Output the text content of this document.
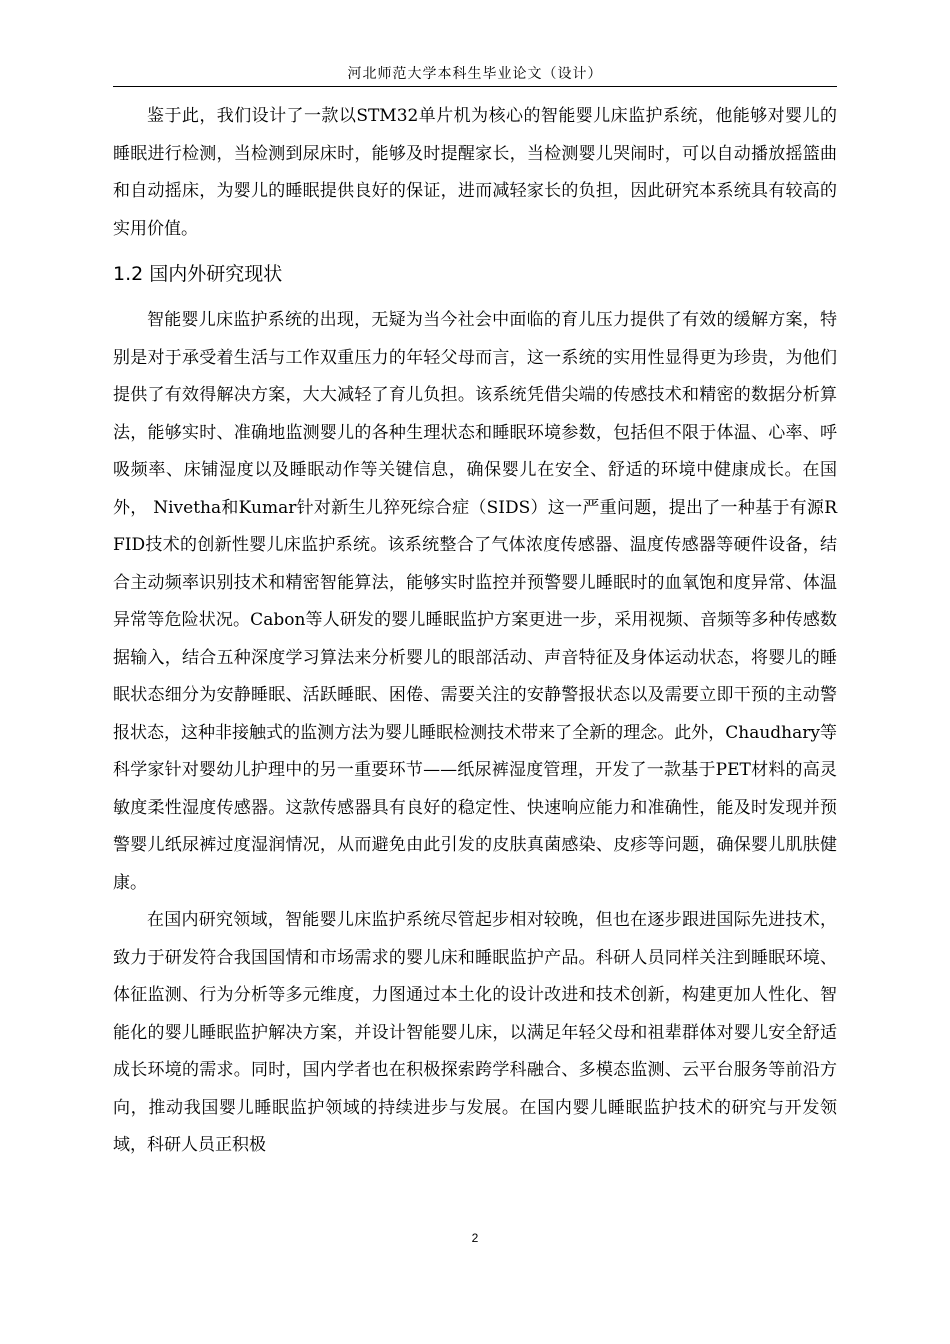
河北师范大学本科生毕业论文（设计）

鉴于此，我们设计了一款以STM32单片机为核心的智能婴儿床监护系统，他能够对婴儿的睡眠进行检测，当检测到尿床时，能够及时提醒家长，当检测婴儿哭闹时，可以自动播放摇篮曲和自动摇床，为婴儿的睡眠提供良好的保证，进而减轻家长的负担，因此研究本系统具有较高的实用价值。

1.2 国内外研究现状

智能婴儿床监护系统的出现，无疑为当今社会中面临的育儿压力提供了有效的缓解方案，特别是对于承受着生活与工作双重压力的年轻父母而言，这一系统的实用性显得更为珍贵，为他们提供了有效得解决方案，大大减轻了育儿负担。该系统凭借尖端的传感技术和精密的数据分析算法，能够实时、准确地监测婴儿的各种生理状态和睡眠环境参数，包括但不限于体温、心率、呼吸频率、床铺湿度以及睡眠动作等关键信息，确保婴儿在安全、舒适的环境中健康成长。在国外， Nivetha和Kumar针对新生儿猝死综合症（SIDS）这一严重问题，提出了一种基于有源RFID技术的创新性婴儿床监护系统。该系统整合了气体浓度传感器、温度传感器等硬件设备，结合主动频率识别技术和精密智能算法，能够实时监控并预警婴儿睡眠时的血氧饱和度异常、体温异常等危险状况。Cabon等人研发的婴儿睡眠监护方案更进一步，采用视频、音频等多种传感数据输入，结合五种深度学习算法来分析婴儿的眼部活动、声音特征及身体运动状态，将婴儿的睡眠状态细分为安静睡眠、活跃睡眠、困倦、需要关注的安静警报状态以及需要立即干预的主动警报状态，这种非接触式的监测方法为婴儿睡眠检测技术带来了全新的理念。此外，Chaudhary等科学家针对婴幼儿护理中的另一重要环节——纸尿裤湿度管理，开发了一款基于PET材料的高灵敏度柔性湿度传感器。这款传感器具有良好的稳定性、快速响应能力和准确性，能及时发现并预警婴儿纸尿裤过度湿润情况，从而避免由此引发的皮肤真菌感染、皮疹等问题，确保婴儿肌肤健康。

在国内研究领域，智能婴儿床监护系统尽管起步相对较晚，但也在逐步跟进国际先进技术，致力于研发符合我国国情和市场需求的婴儿床和睡眠监护产品。科研人员同样关注到睡眠环境、体征监测、行为分析等多元维度，力图通过本土化的设计改进和技术创新，构建更加人性化、智能化的婴儿睡眠监护解决方案，并设计智能婴儿床，以满足年轻父母和祖辈群体对婴儿安全舒适成长环境的需求。同时，国内学者也在积极探索跨学科融合、多模态监测、云平台服务等前沿方向，推动我国婴儿睡眠监护领域的持续进步与发展。在国内婴儿睡眠监护技术的研究与开发领域，科研人员正积极

2
